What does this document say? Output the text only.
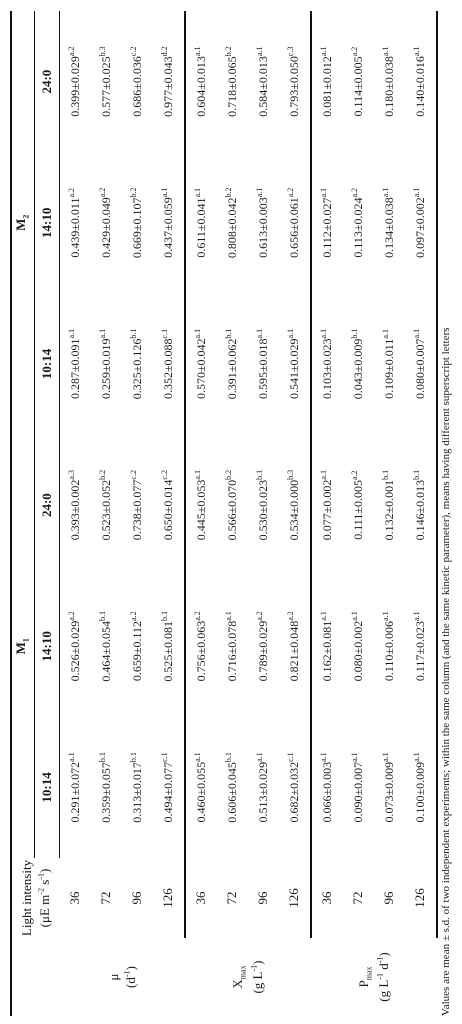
	Light intensity (μE $m^{-2}$ $s^{-1}$)	$M_1$			$M_2$
		10:14	14:10	24:0	10:14	14:10	24:0
μ
$(d^{-1})$	36	$0.291\pm 0.072^{a.1}$	$0.526\pm 0.029^{a.2}$	$0.393\pm 0.002^{a.3}$	$0.287\pm 0.091^{a.1}$	$0.439\pm 0.011^{a.2}$	$0.399\pm 0.029^{a.2}$
	72	$0.359\pm 0.057^{b.1}$	$0.464\pm 0.054^{b.1}$	$0.523\pm 0.052^{b.2}$	$0.259\pm 0.019^{a.1}$	$0.429\pm 0.049^{a.2}$	$0.577\pm 0.025^{b.3}$
	96	$0.313\pm 0.017^{b.1}$	$0.659\pm 0.112^{a.2}$	$0.738\pm 0.077^{c.2}$	$0.325\pm 0.126^{b.1}$	$0.669\pm 0.107^{b.2}$	$0.686\pm 0.036^{c.2}$
	126	$0.494\pm 0.077^{c.1}$	$0.525\pm 0.081^{b.1}$	$0.650\pm 0.014^{c.2}$	$0.352\pm 0.088^{c.1}$	$0.437\pm 0.059^{a.1}$	$0.977\pm 0.043^{d.2}$
$X_{max}$ (g $L^{-1}$)	36	$0.460\pm 0.055^{a.1}$	$0.756\pm 0.063^{a.2}$	$0.445\pm 0.053^{a.1}$	$0.570\pm 0.042^{a.1}$	$0.611\pm 0.041^{a.1}$	$0.604\pm 0.013^{a.1}$
	72	$0.606\pm 0.045^{b.1}$	$0.716\pm 0.078^{a.1}$	$0.566\pm 0.070^{b.2}$	$0.391\pm 0.062^{b.1}$	$0.808\pm 0.042^{b.2}$	$0.718\pm 0.065^{b.2}$
	96	$0.513\pm 0.029^{a.1}$	$0.789\pm 0.029^{a.2}$	$0.530\pm 0.023^{b.1}$	$0.595\pm 0.018^{a.1}$	$0.613\pm 0.003^{a.1}$	$0.584\pm 0.013^{a.1}$
	126	$0.682\pm 0.032^{c.1}$	$0.821\pm 0.048^{a.2}$	$0.534\pm 0.000^{b.3}$	$0.541\pm 0.029^{a.1}$	$0.656\pm 0.061^{a.2}$	$0.793\pm 0.050^{c.3}$
$P_{max}$
(g $L^{-1}$ $d^{-1}$)	36	$0.066\pm 0.003^{a.1}$	$0.162\pm 0.081^{a.1}$	$0.077\pm 0.002^{a.1}$	$0.103\pm 0.023^{a.1}$	$0.112\pm 0.027^{a.1}$	$0.081\pm 0.012^{a.1}$
	72	$0.090\pm 0.007^{a.1}$	$0.080\pm 0.002^{a.1}$	$0.111\pm 0.005^{a.2}$	$0.043\pm 0.009^{b.1}$	$0.113\pm 0.024^{a.2}$	$0.114\pm 0.005^{a.2}$
	96	$0.073\pm 0.009^{a.1}$	$0.110\pm 0.006^{a.1}$	$0.132\pm 0.001^{b.1}$	$0.109\pm 0.011^{a.1}$	$0.134\pm 0.038^{a.1}$	$0.180\pm 0.038^{a.1}$
	126	$0.100\pm 0.009^{a.1}$	$0.117\pm 0.023^{a.1}$	$0.146\pm 0.013^{b.1}$	$0.080\pm 0.007^{a.1}$	$0.097\pm 0.002^{a.1}$	$0.140\pm 0.016^{a.1}$
Values are mean ± s.d. of two independent experiments; within the same column (and the same kinetic parameter), means having different superscript letters
